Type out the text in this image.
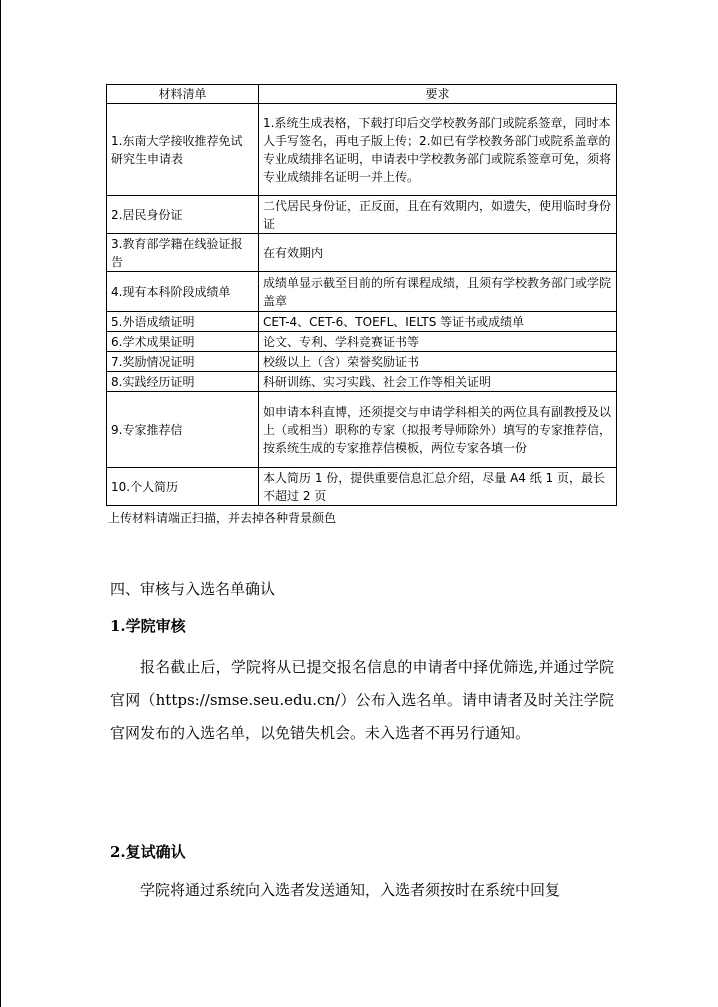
材料清单	要求
1.东南大学接收推荐免试研究生申请表	1.系统生成表格，下载打印后交学校教务部门或院系签章，同时本人手写签名，再电子版上传；2.如已有学校教务部门或院系盖章的专业成绩排名证明，申请表中学校教务部门或院系签章可免，须将专业成绩排名证明一并上传。
2.居民身份证	二代居民身份证，正反面，且在有效期内，如遗失，使用临时身份证
3.教育部学籍在线验证报告	在有效期内
4.现有本科阶段成绩单	成绩单显示截至目前的所有课程成绩，且须有学校教务部门或学院盖章
5.外语成绩证明	CET-4、CET-6、TOEFL、IELTS 等证书或成绩单
6.学术成果证明	论文、专利、学科竞赛证书等
7.奖励情况证明	校级以上（含）荣誉奖励证书
8.实践经历证明	科研训练、实习实践、社会工作等相关证明
9.专家推荐信	如申请本科直博，还须提交与申请学科相关的两位具有副教授及以上（或相当）职称的专家（拟报考导师除外）填写的专家推荐信，按系统生成的专家推荐信模板，两位专家各填一份
10.个人简历	本人简历 1 份，提供重要信息汇总介绍，尽量 A4 纸 1 页，最长不超过 2 页
上传材料请端正扫描，并去掉各种背景颜色
四、审核与入选名单确认
1.学院审核
报名截止后，学院将从已提交报名信息的申请者中择优筛选,并通过学院官网（https://smse.seu.edu.cn/）公布入选名单。请申请者及时关注学院官网发布的入选名单，以免错失机会。未入选者不再另行通知。
2.复试确认
学院将通过系统向入选者发送通知，入选者须按时在系统中回复
